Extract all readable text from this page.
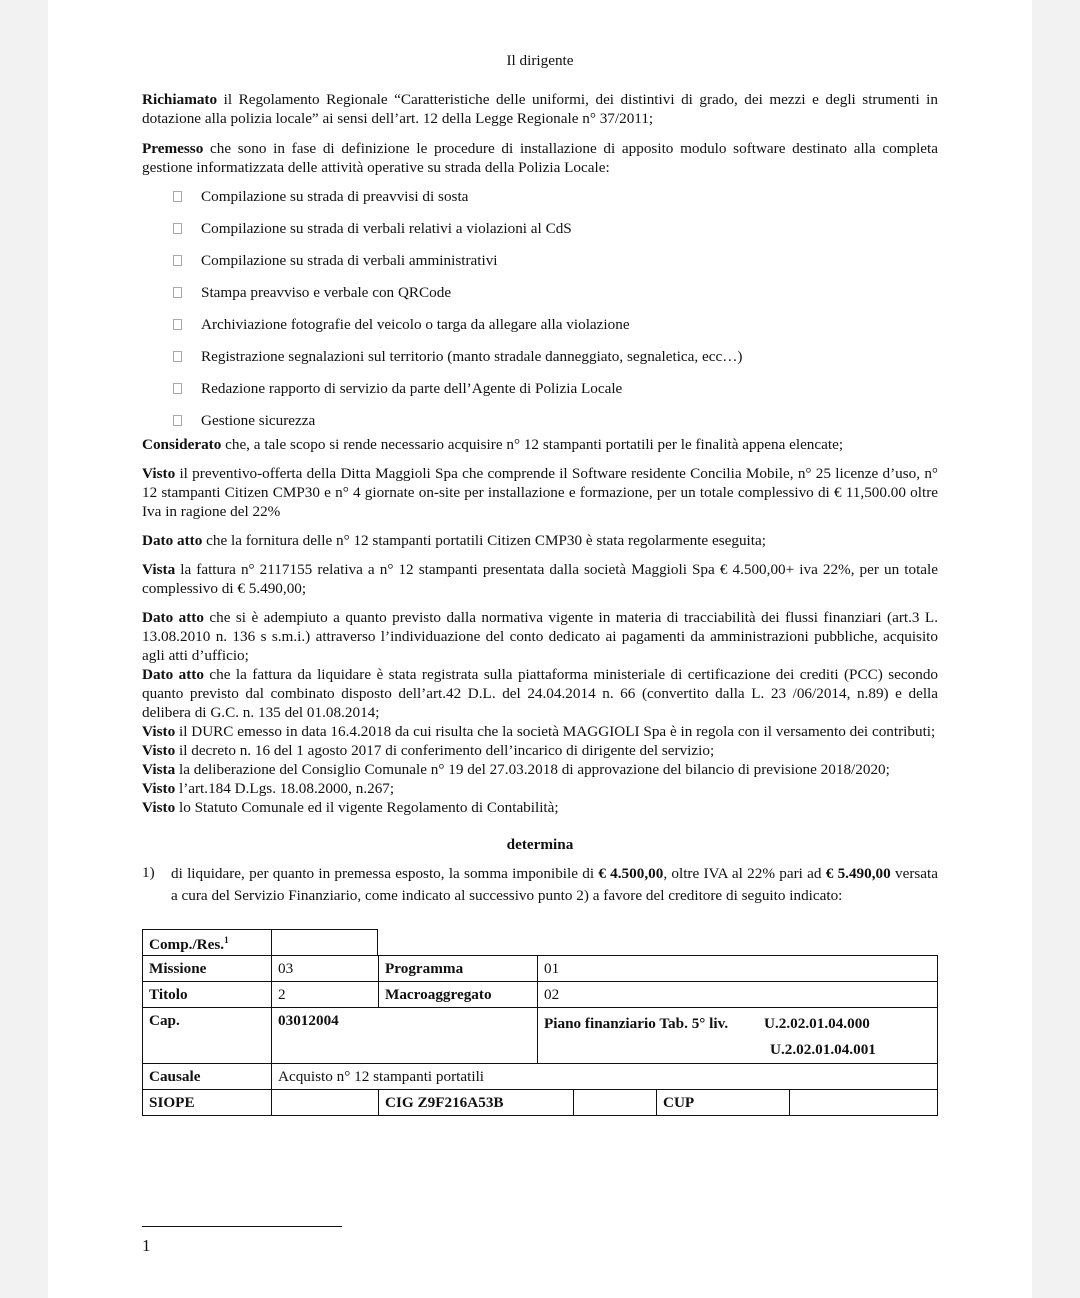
Il dirigente

Richiamato il Regolamento Regionale “Caratteristiche delle uniformi, dei distintivi di grado, dei mezzi e degli strumenti in dotazione alla polizia locale” ai sensi dell’art. 12 della Legge Regionale n° 37/2011;

Premesso che sono in fase di definizione le procedure di installazione di apposito modulo software destinato alla completa gestione informatizzata delle attività operative su strada della Polizia Locale:

Compilazione su strada di preavvisi di sosta
Compilazione su strada di verbali relativi a violazioni al CdS
Compilazione su strada di verbali amministrativi
Stampa preavviso e verbale con QRCode
Archiviazione fotografie del veicolo o targa da allegare alla violazione
Registrazione segnalazioni sul territorio (manto stradale danneggiato, segnaletica, ecc…)
Redazione rapporto di servizio da parte dell’Agente di Polizia Locale
Gestione sicurezza

Considerato che, a tale scopo si rende necessario acquisire n° 12 stampanti portatili per le finalità appena elencate;

Visto il preventivo-offerta della Ditta Maggioli Spa che comprende il Software residente Concilia Mobile, n° 25 licenze d’uso, n° 12 stampanti Citizen CMP30 e n° 4 giornate on-site per installazione e formazione, per un totale complessivo di € 11,500.00 oltre Iva in ragione del 22%

Dato atto che la fornitura delle n° 12 stampanti portatili Citizen CMP30 è stata regolarmente eseguita;

Vista la fattura n° 2117155 relativa a n° 12 stampanti presentata dalla società Maggioli Spa € 4.500,00+ iva 22%, per un totale complessivo di € 5.490,00;

Dato atto che si è adempiuto a quanto previsto dalla normativa vigente in materia di tracciabilità dei flussi finanziari (art.3 L. 13.08.2010 n. 136 s s.m.i.) attraverso l’individuazione del conto dedicato ai pagamenti da amministrazioni pubbliche, acquisito agli atti d’ufficio;

Dato atto che la fattura da liquidare è stata registrata sulla piattaforma ministeriale di certificazione dei crediti (PCC) secondo quanto previsto dal combinato disposto dell’art.42 D.L. del 24.04.2014 n. 66 (convertito dalla L. 23 /06/2014, n.89) e della delibera di G.C. n. 135 del 01.08.2014;

Visto il DURC emesso in data 16.4.2018 da cui risulta che la società MAGGIOLI Spa è in regola con il versamento dei contributi;

Visto il decreto n. 16 del 1 agosto 2017 di conferimento dell’incarico di dirigente del servizio;

Vista la deliberazione del Consiglio Comunale n° 19 del 27.03.2018 di approvazione del bilancio di previsione 2018/2020;

Visto l’art.184 D.Lgs. 18.08.2000, n.267;

Visto lo Statuto Comunale ed il vigente Regolamento di Contabilità;

determina
1)	di liquidare, per quanto in premessa esposto, la somma imponibile di € 4.500,00, oltre IVA al 22% pari ad € 5.490,00 versata a cura del Servizio Finanziario, come indicato al successivo punto 2) a favore del creditore di seguito indicato:
Comp./Res.$^1$	
Missione	03	Programma	01
Titolo	2	Macroaggregato	02
Cap.	03012004		Piano finanziario Tab. 5° liv. U.2.02.01.04.000
U.2.02.01.04.001

Causale	Acquisto n° 12 stampanti portatili		
SIOPE		CIG Z9F216A53B		CUP	
1
